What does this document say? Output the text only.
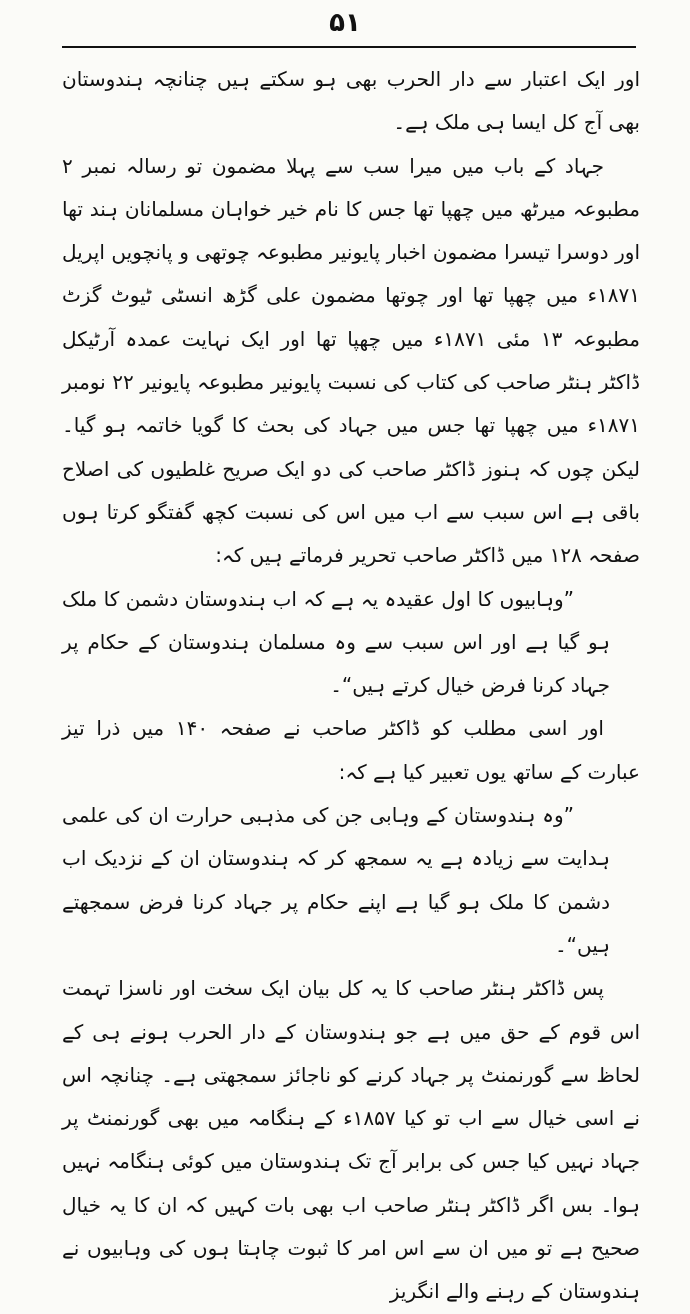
۵۱

اور ایک اعتبار سے دار الحرب بھی ہو سکتے ہیں چنانچہ ہندوستان بھی آج کل ایسا ہی ملک ہے۔

جہاد کے باب میں میرا سب سے پہلا مضمون تو رسالہ نمبر ۲ مطبوعہ میرٹھ میں چھپا تھا جس کا نام خیر خواہان مسلمانان ہند تھا اور دوسرا تیسرا مضمون اخبار پایونیر مطبوعہ چوتھی و پانچویں اپریل ۱۸۷۱ء میں چھپا تھا اور چوتھا مضمون علی گڑھ انسٹی ٹیوٹ گزٹ مطبوعہ ۱۳ مئی ۱۸۷۱ء میں چھپا تھا اور ایک نہایت عمدہ آرٹیکل ڈاکٹر ہنٹر صاحب کی کتاب کی نسبت پایونیر مطبوعہ پایونیر ۲۲ نومبر ۱۸۷۱ء میں چھپا تھا جس میں جہاد کی بحث کا گویا خاتمہ ہو گیا۔ لیکن چوں کہ ہنوز ڈاکٹر صاحب کی دو ایک صریح غلطیوں کی اصلاح باقی ہے اس سبب سے اب میں اس کی نسبت کچھ گفتگو کرتا ہوں صفحہ ۱۲۸ میں ڈاکٹر صاحب تحریر فرماتے ہیں کہ:

”وہابیوں کا اول عقیدہ یہ ہے کہ اب ہندوستان دشمن کا ملک ہو گیا ہے اور اس سبب سے وہ مسلمان ہندوستان کے حکام پر جہاد کرنا فرض خیال کرتے ہیں“۔

اور اسی مطلب کو ڈاکٹر صاحب نے صفحہ ۱۴۰ میں ذرا تیز عبارت کے ساتھ یوں تعبیر کیا ہے کہ:

”وہ ہندوستان کے وہابی جن کی مذہبی حرارت ان کی علمی ہدایت سے زیادہ ہے یہ سمجھ کر کہ ہندوستان ان کے نزدیک اب دشمن کا ملک ہو گیا ہے اپنے حکام پر جہاد کرنا فرض سمجھتے ہیں“۔

پس ڈاکٹر ہنٹر صاحب کا یہ کل بیان ایک سخت اور ناسزا تہمت اس قوم کے حق میں ہے جو ہندوستان کے دار الحرب ہونے ہی کے لحاظ سے گورنمنٹ پر جہاد کرنے کو ناجائز سمجھتی ہے۔ چنانچہ اس نے اسی خیال سے اب تو کیا ۱۸۵۷ء کے ہنگامہ میں بھی گورنمنٹ پر جہاد نہیں کیا جس کی برابر آج تک ہندوستان میں کوئی ہنگامہ نہیں ہوا۔ بس اگر ڈاکٹر ہنٹر صاحب اب بھی بات کہیں کہ ان کا یہ خیال صحیح ہے تو میں ان سے اس امر کا ثبوت چاہتا ہوں کی وہابیوں نے ہندوستان کے رہنے والے انگریز
